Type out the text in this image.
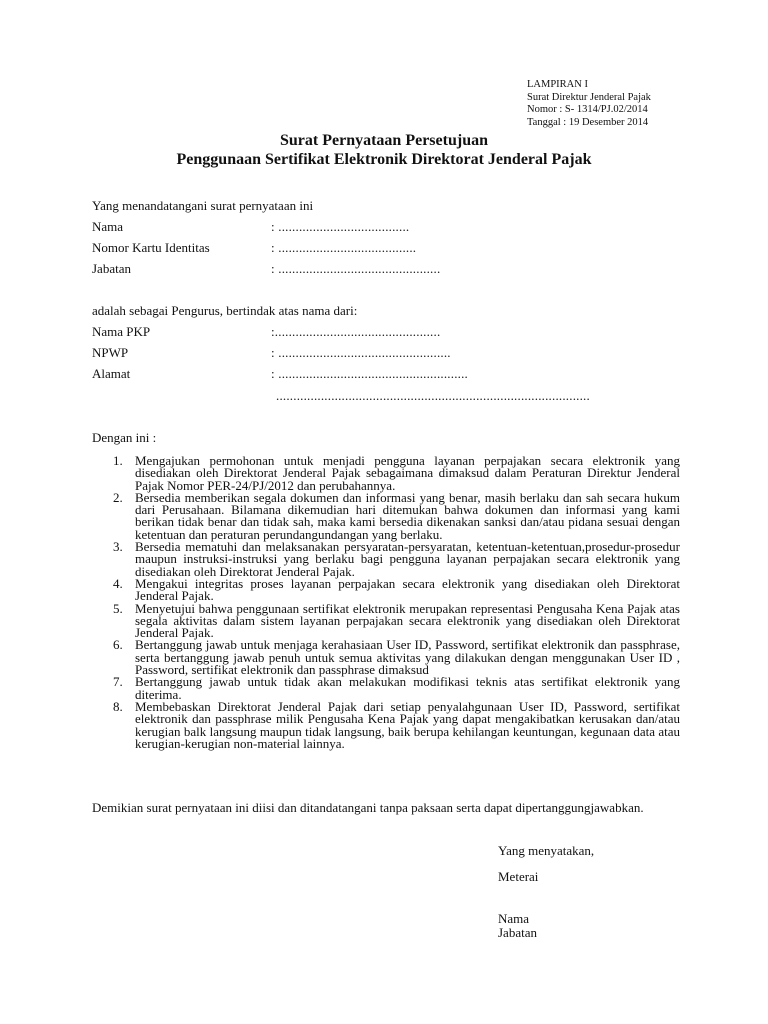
LAMPIRAN I
Surat Direktur Jenderal Pajak
Nomor : S- 1314/PJ.02/2014
Tanggal : 19 Desember 2014
Surat Pernyataan Persetujuan
Penggunaan Sertifikat Elektronik Direktorat Jenderal Pajak
Yang menandatangani surat pernyataan ini
Nama	: ......................................
Nomor Kartu Identitas	: ........................................
Jabatan	: ...............................................
adalah sebagai Pengurus, bertindak atas nama dari:
Nama PKP	:................................................
NPWP	: ..................................................
Alamat	: .......................................................
...........................................................................................
Dengan ini :
1. Mengajukan permohonan untuk menjadi pengguna layanan perpajakan secara elektronik yang disediakan oleh Direktorat Jenderal Pajak sebagaimana dimaksud dalam Peraturan Direktur Jenderal Pajak Nomor PER-24/PJ/2012 dan perubahannya.
2. Bersedia memberikan segala dokumen dan informasi yang benar, masih berlaku dan sah secara hukum dari Perusahaan. Bilamana dikemudian hari ditemukan bahwa dokumen dan informasi yang kami berikan tidak benar dan tidak sah, maka kami bersedia dikenakan sanksi dan/atau pidana sesuai dengan ketentuan dan peraturan perundangundangan yang berlaku.
3. Bersedia mematuhi dan melaksanakan persyaratan-persyaratan, ketentuan-ketentuan,prosedur-prosedur maupun instruksi-instruksi yang berlaku bagi pengguna layanan perpajakan secara elektronik yang disediakan oleh Direktorat Jenderal Pajak.
4. Mengakui integritas proses layanan perpajakan secara elektronik yang disediakan oleh Direktorat Jenderal Pajak.
5. Menyetujui bahwa penggunaan sertifikat elektronik merupakan representasi Pengusaha Kena Pajak atas segala aktivitas dalam sistem layanan perpajakan secara elektronik yang disediakan oleh Direktorat Jenderal Pajak.
6. Bertanggung jawab untuk menjaga kerahasiaan User ID, Password, sertifikat elektronik dan passphrase, serta bertanggung jawab penuh untuk semua aktivitas yang dilakukan dengan menggunakan User ID , Password, sertifikat elektronik dan passphrase dimaksud
7. Bertanggung jawab untuk tidak akan melakukan modifikasi teknis atas sertifikat elektronik yang diterima.
8. Membebaskan Direktorat Jenderal Pajak dari setiap penyalahgunaan User ID, Password, sertifikat elektronik dan passphrase milik Pengusaha Kena Pajak yang dapat mengakibatkan kerusakan dan/atau kerugian balk langsung maupun tidak langsung, baik berupa kehilangan keuntungan, kegunaan data atau kerugian-kerugian non-material lainnya.
Demikian surat pernyataan ini diisi dan ditandatangani tanpa paksaan serta dapat dipertanggungjawabkan.
Yang menyatakan,
Meterai
Nama
Jabatan
